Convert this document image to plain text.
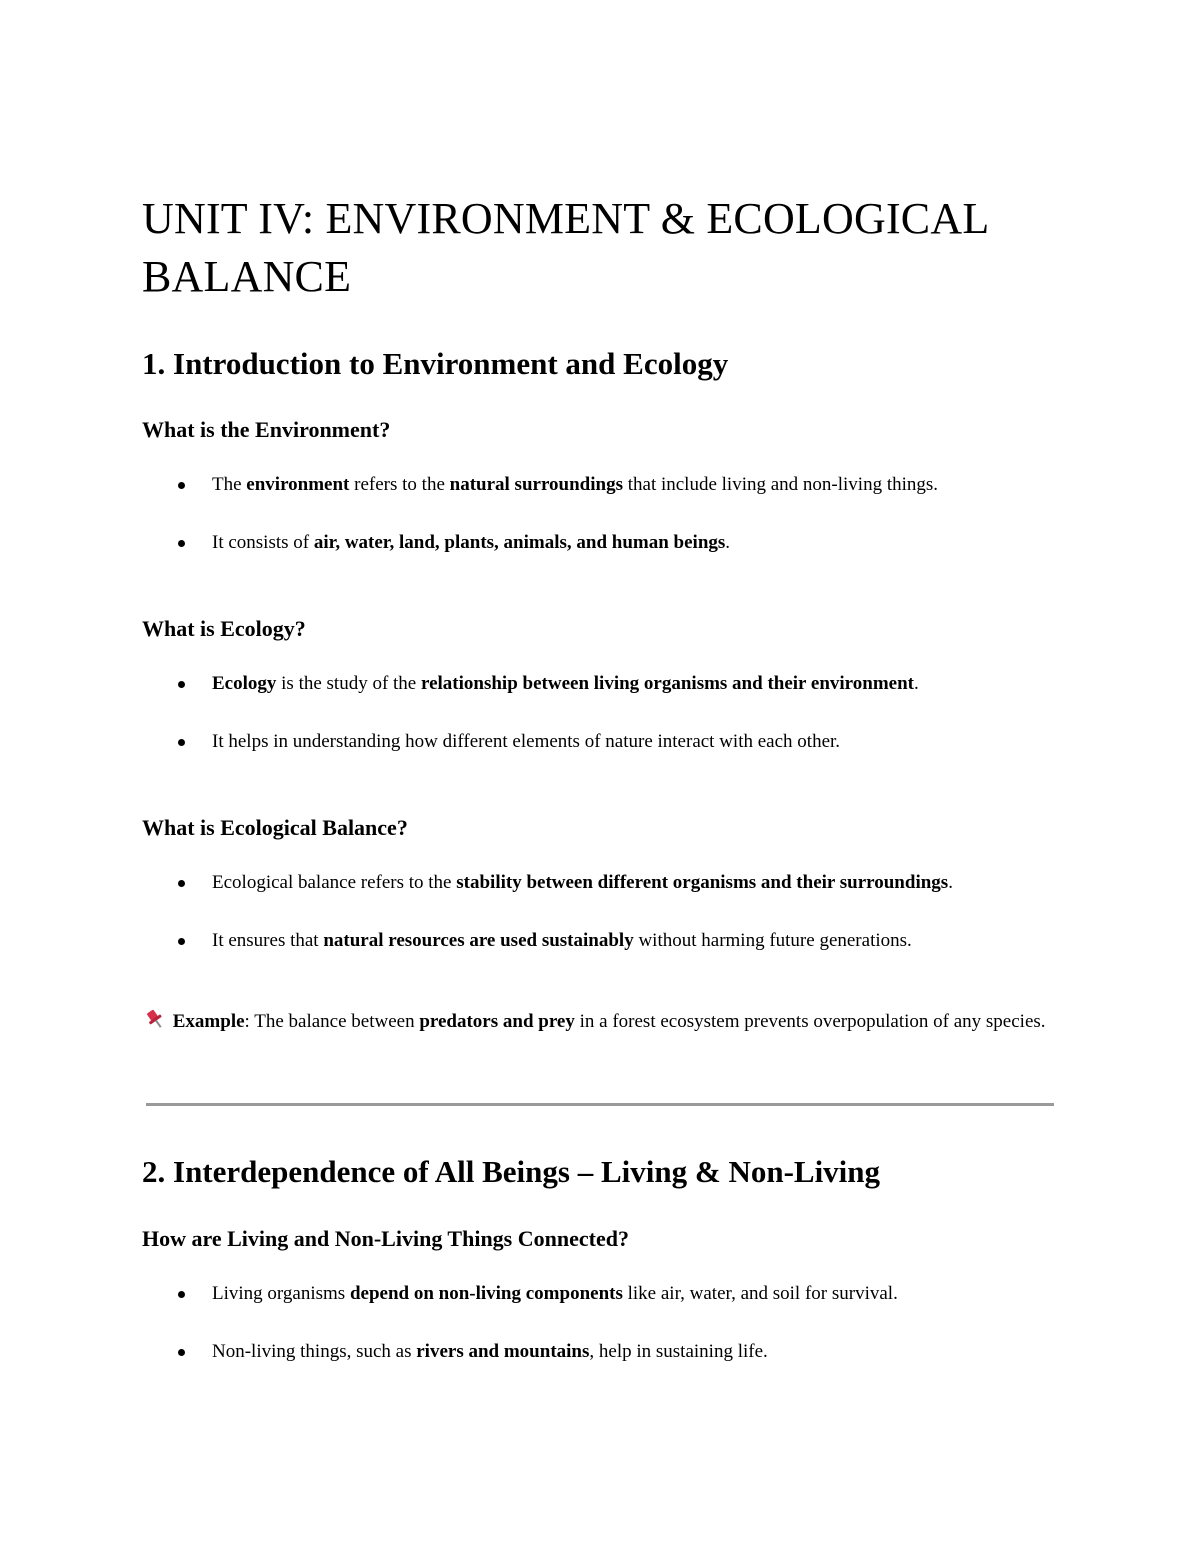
UNIT IV: ENVIRONMENT & ECOLOGICAL BALANCE
1. Introduction to Environment and Ecology
What is the Environment?
The environment refers to the natural surroundings that include living and non-living things.
It consists of air, water, land, plants, animals, and human beings.
What is Ecology?
Ecology is the study of the relationship between living organisms and their environment.
It helps in understanding how different elements of nature interact with each other.
What is Ecological Balance?
Ecological balance refers to the stability between different organisms and their surroundings.
It ensures that natural resources are used sustainably without harming future generations.

Example: The balance between predators and prey in a forest ecosystem prevents overpopulation of any species.

2. Interdependence of All Beings – Living & Non-Living
How are Living and Non-Living Things Connected?
Living organisms depend on non-living components like air, water, and soil for survival.
Non-living things, such as rivers and mountains, help in sustaining life.
